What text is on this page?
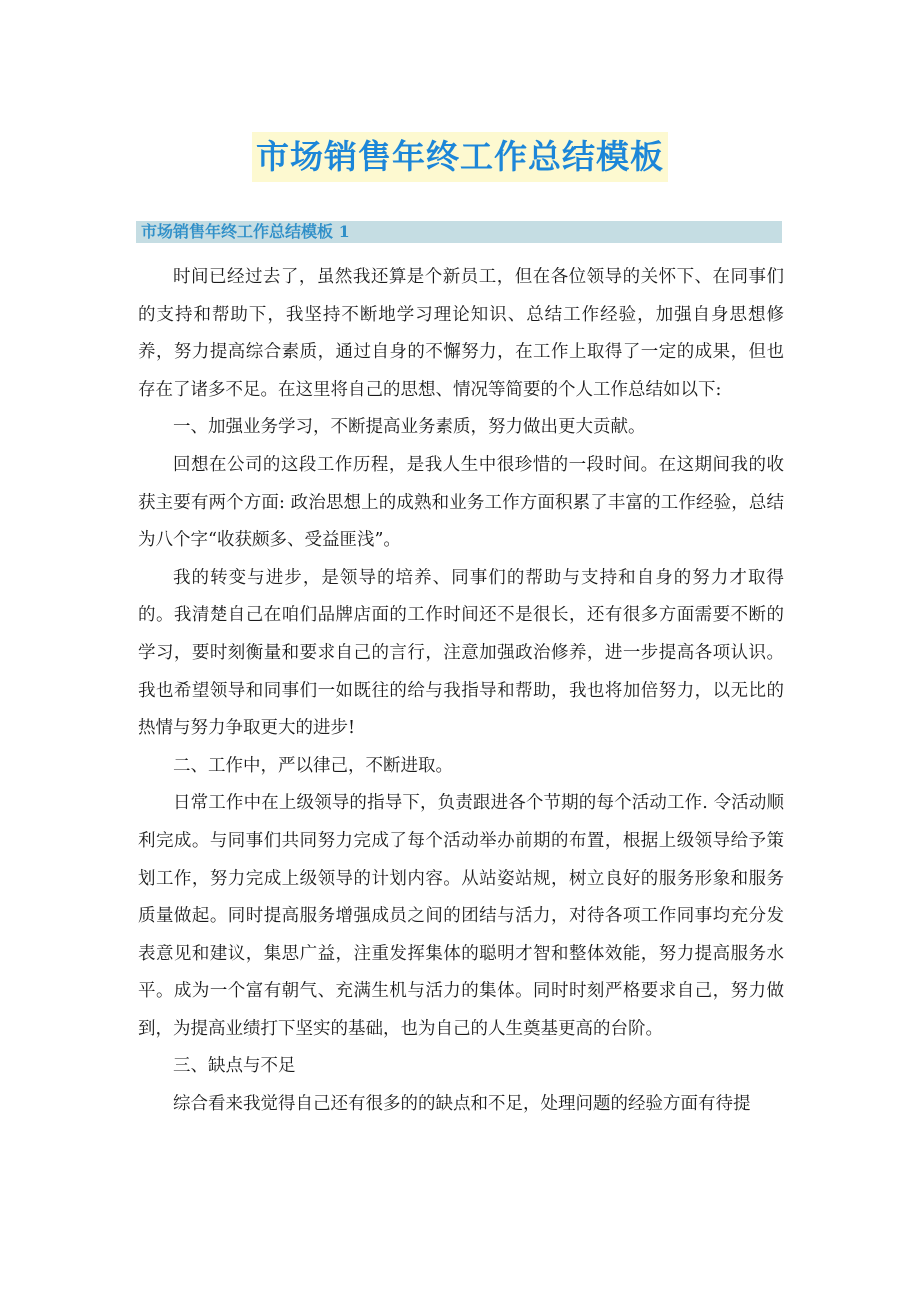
市场销售年终工作总结模板
市场销售年终工作总结模板 1

时间已经过去了，虽然我还算是个新员工，但在各位领导的关怀下、在同事们的支持和帮助下，我坚持不断地学习理论知识、总结工作经验，加强自身思想修养，努力提高综合素质，通过自身的不懈努力，在工作上取得了一定的成果，但也存在了诸多不足。在这里将自己的思想、情况等简要的个人工作总结如以下:

一、加强业务学习，不断提高业务素质，努力做出更大贡献。

回想在公司的这段工作历程，是我人生中很珍惜的一段时间。在这期间我的收获主要有两个方面: 政治思想上的成熟和业务工作方面积累了丰富的工作经验，总结为八个字“收获颇多、受益匪浅”。

我的转变与进步，是领导的培养、同事们的帮助与支持和自身的努力才取得的。我清楚自己在咱们品牌店面的工作时间还不是很长，还有很多方面需要不断的学习，要时刻衡量和要求自己的言行，注意加强政治修养，进一步提高各项认识。我也希望领导和同事们一如既往的给与我指导和帮助，我也将加倍努力，以无比的热情与努力争取更大的进步!

二、工作中，严以律己，不断进取。

日常工作中在上级领导的指导下，负责跟进各个节期的每个活动工作. 令活动顺利完成。与同事们共同努力完成了每个活动举办前期的布置，根据上级领导给予策划工作，努力完成上级领导的计划内容。从站姿站规，树立良好的服务形象和服务质量做起。同时提高服务增强成员之间的团结与活力，对待各项工作同事均充分发表意见和建议，集思广益，注重发挥集体的聪明才智和整体效能，努力提高服务水平。成为一个富有朝气、充满生机与活力的集体。同时时刻严格要求自己，努力做到，为提高业绩打下坚实的基础，也为自己的人生奠基更高的台阶。

三、缺点与不足

综合看来我觉得自己还有很多的的缺点和不足，处理问题的经验方面有待提
